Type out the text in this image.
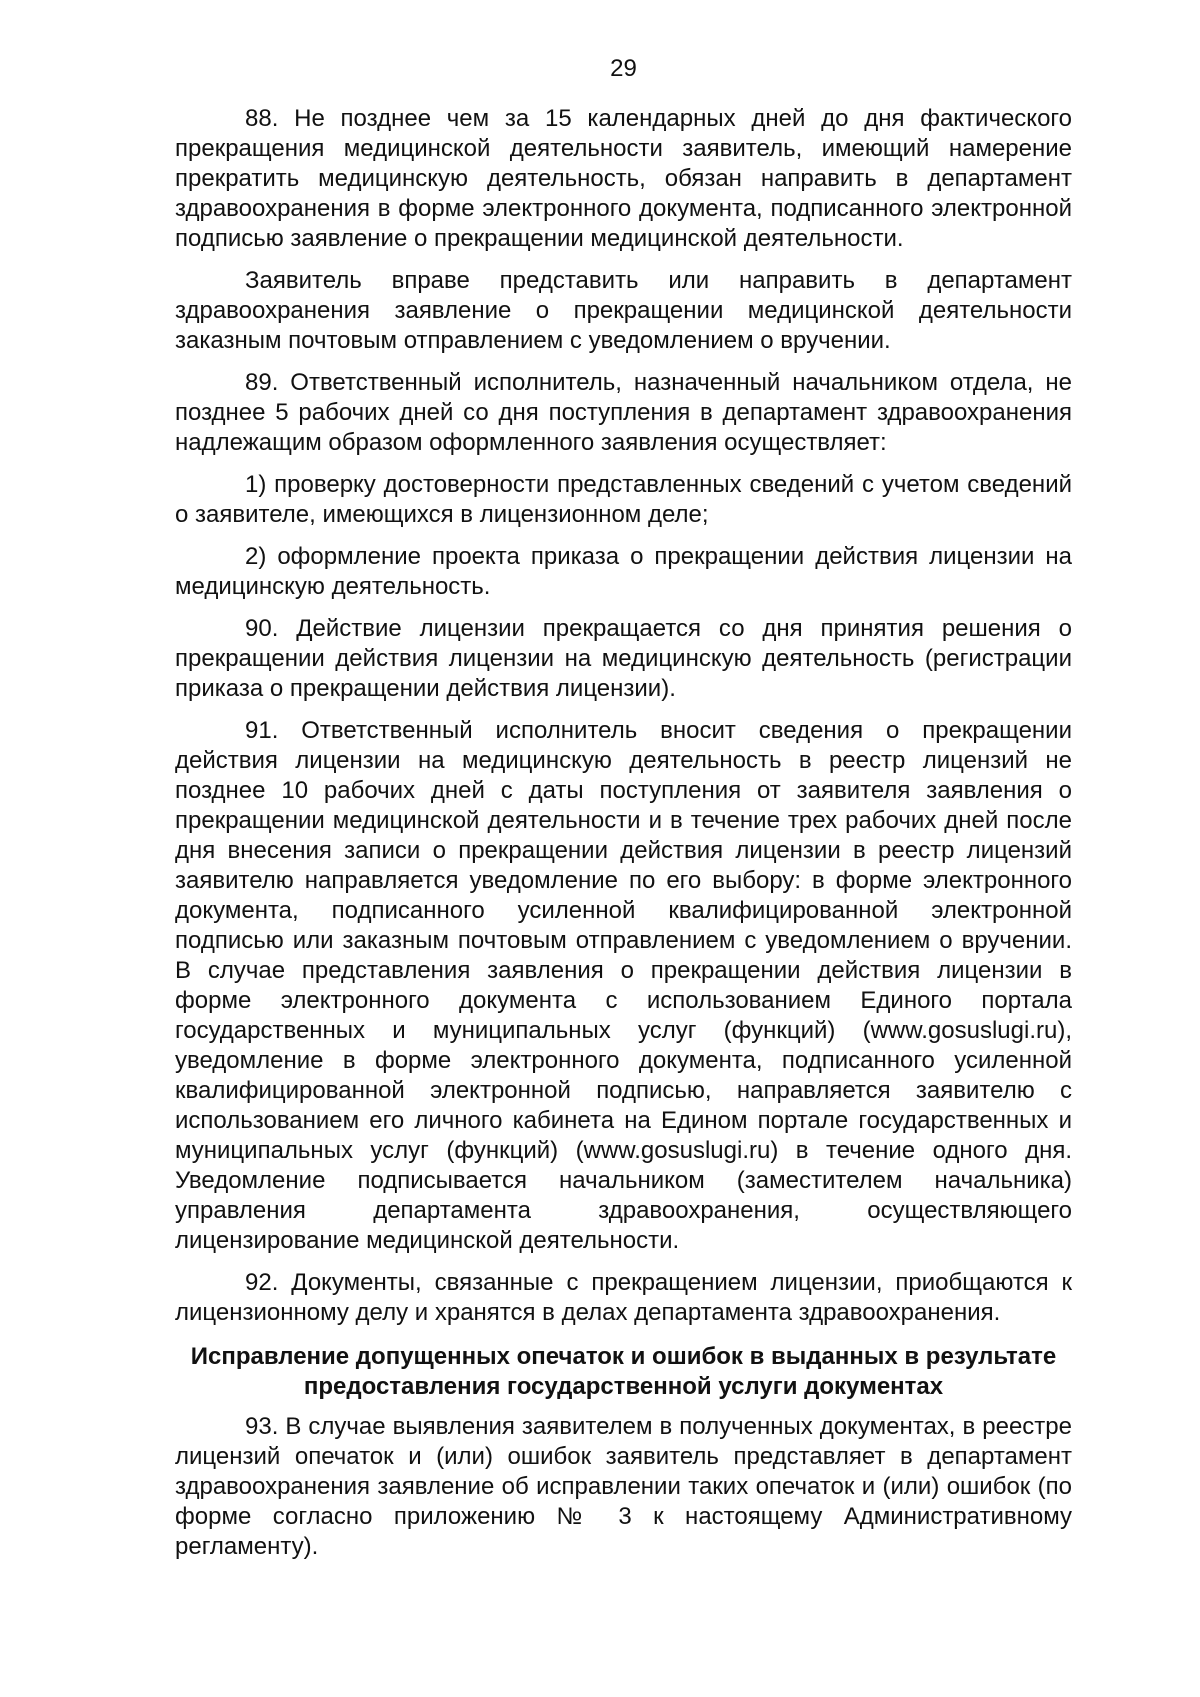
29

88. Не позднее чем за 15 календарных дней до дня фактического прекращения медицинской деятельности заявитель, имеющий намерение прекратить медицинскую деятельность, обязан направить в департамент здравоохранения в форме электронного документа, подписанного электронной подписью заявление о прекращении медицинской деятельности.

Заявитель вправе представить или направить в департамент здравоохранения заявление о прекращении медицинской деятельности заказным почтовым отправлением с уведомлением о вручении.

89. Ответственный исполнитель, назначенный начальником отдела, не позднее 5 рабочих дней со дня поступления в департамент здравоохранения надлежащим образом оформленного заявления осуществляет:

1) проверку достоверности представленных сведений с учетом сведений о заявителе, имеющихся в лицензионном деле;

2) оформление проекта приказа о прекращении действия лицензии на медицинскую деятельность.

90. Действие лицензии прекращается со дня принятия решения о прекращении действия лицензии на медицинскую деятельность (регистрации приказа о прекращении действия лицензии).

91. Ответственный исполнитель вносит сведения о прекращении действия лицензии на медицинскую деятельность в реестр лицензий не позднее 10 рабочих дней с даты поступления от заявителя заявления о прекращении медицинской деятельности и в течение трех рабочих дней после дня внесения записи о прекращении действия лицензии в реестр лицензий заявителю направляется уведомление по его выбору: в форме электронного документа, подписанного усиленной квалифицированной электронной подписью или заказным почтовым отправлением с уведомлением о вручении. В случае представления заявления о прекращении действия лицензии в форме электронного документа с использованием Единого портала государственных и муниципальных услуг (функций) (www.gosuslugi.ru), уведомление в форме электронного документа, подписанного усиленной квалифицированной электронной подписью, направляется заявителю с использованием его личного кабинета на Едином портале государственных и муниципальных услуг (функций) (www.gosuslugi.ru) в течение одного дня. Уведомление подписывается начальником (заместителем начальника) управления департамента здравоохранения, осуществляющего лицензирование медицинской деятельности.

92. Документы, связанные с прекращением лицензии, приобщаются к лицензионному делу и хранятся в делах департамента здравоохранения.

Исправление допущенных опечаток и ошибок в выданных в результате предоставления государственной услуги документах

93. В случае выявления заявителем в полученных документах, в реестре лицензий опечаток и (или) ошибок заявитель представляет в департамент здравоохранения заявление об исправлении таких опечаток и (или) ошибок (по форме согласно приложению № 3 к настоящему Административному регламенту).
